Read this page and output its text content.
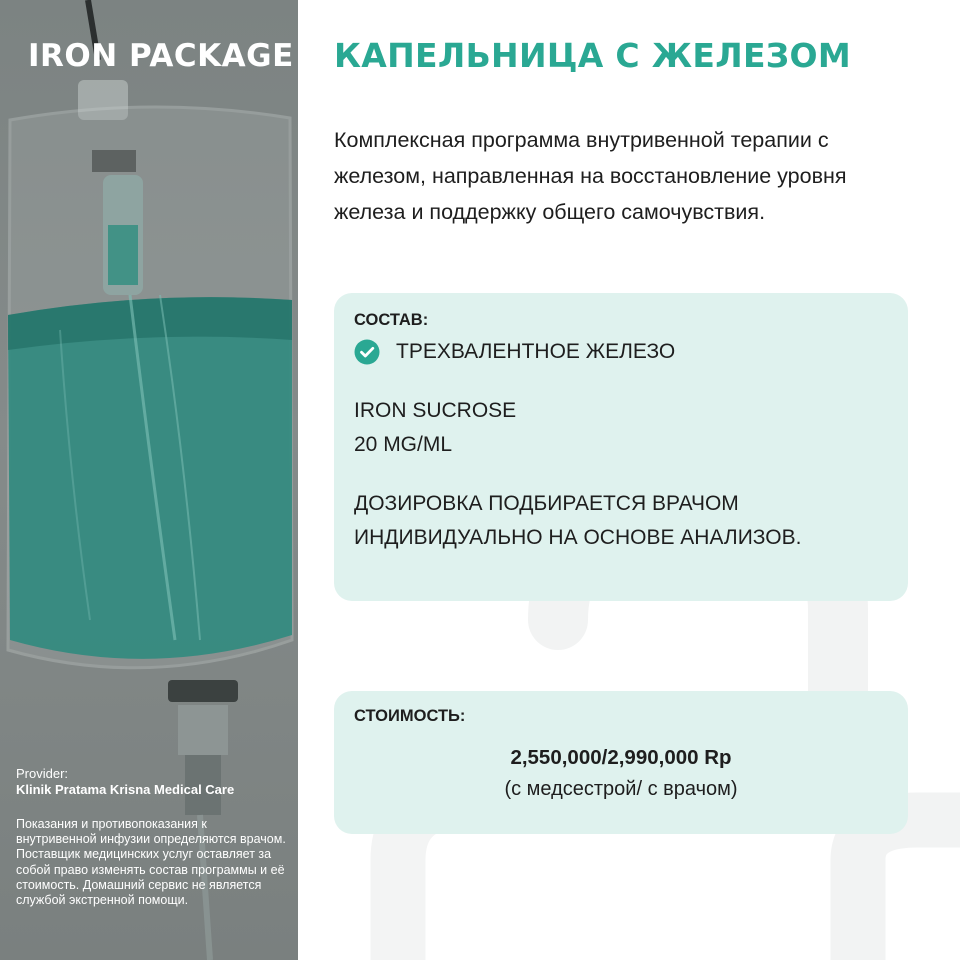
IRON PACKAGE
Provider:
Klinik Pratama Krisna Medical Care
Показания и противопоказания к внутривенной инфузии определяются врачом. Поставщик медицинских услуг оставляет за собой право изменять состав программы и её стоимость. Домашний сервис не является службой экстренной помощи.
КАПЕЛЬНИЦА С ЖЕЛЕЗОМ
Комплексная программа внутривенной терапии с железом, направленная на восстановление уровня железа и поддержку общего самочувствия.
СОСТАВ:
ТРЕХВАЛЕНТНОЕ ЖЕЛЕЗО
IRON SUCROSE
20 MG/ML
ДОЗИРОВКА ПОДБИРАЕТСЯ ВРАЧОМ
ИНДИВИДУАЛЬНО НА ОСНОВЕ АНАЛИЗОВ.
СТОИМОСТЬ:
2,550,000/2,990,000 Rp
(с медсестрой/ с врачом)
